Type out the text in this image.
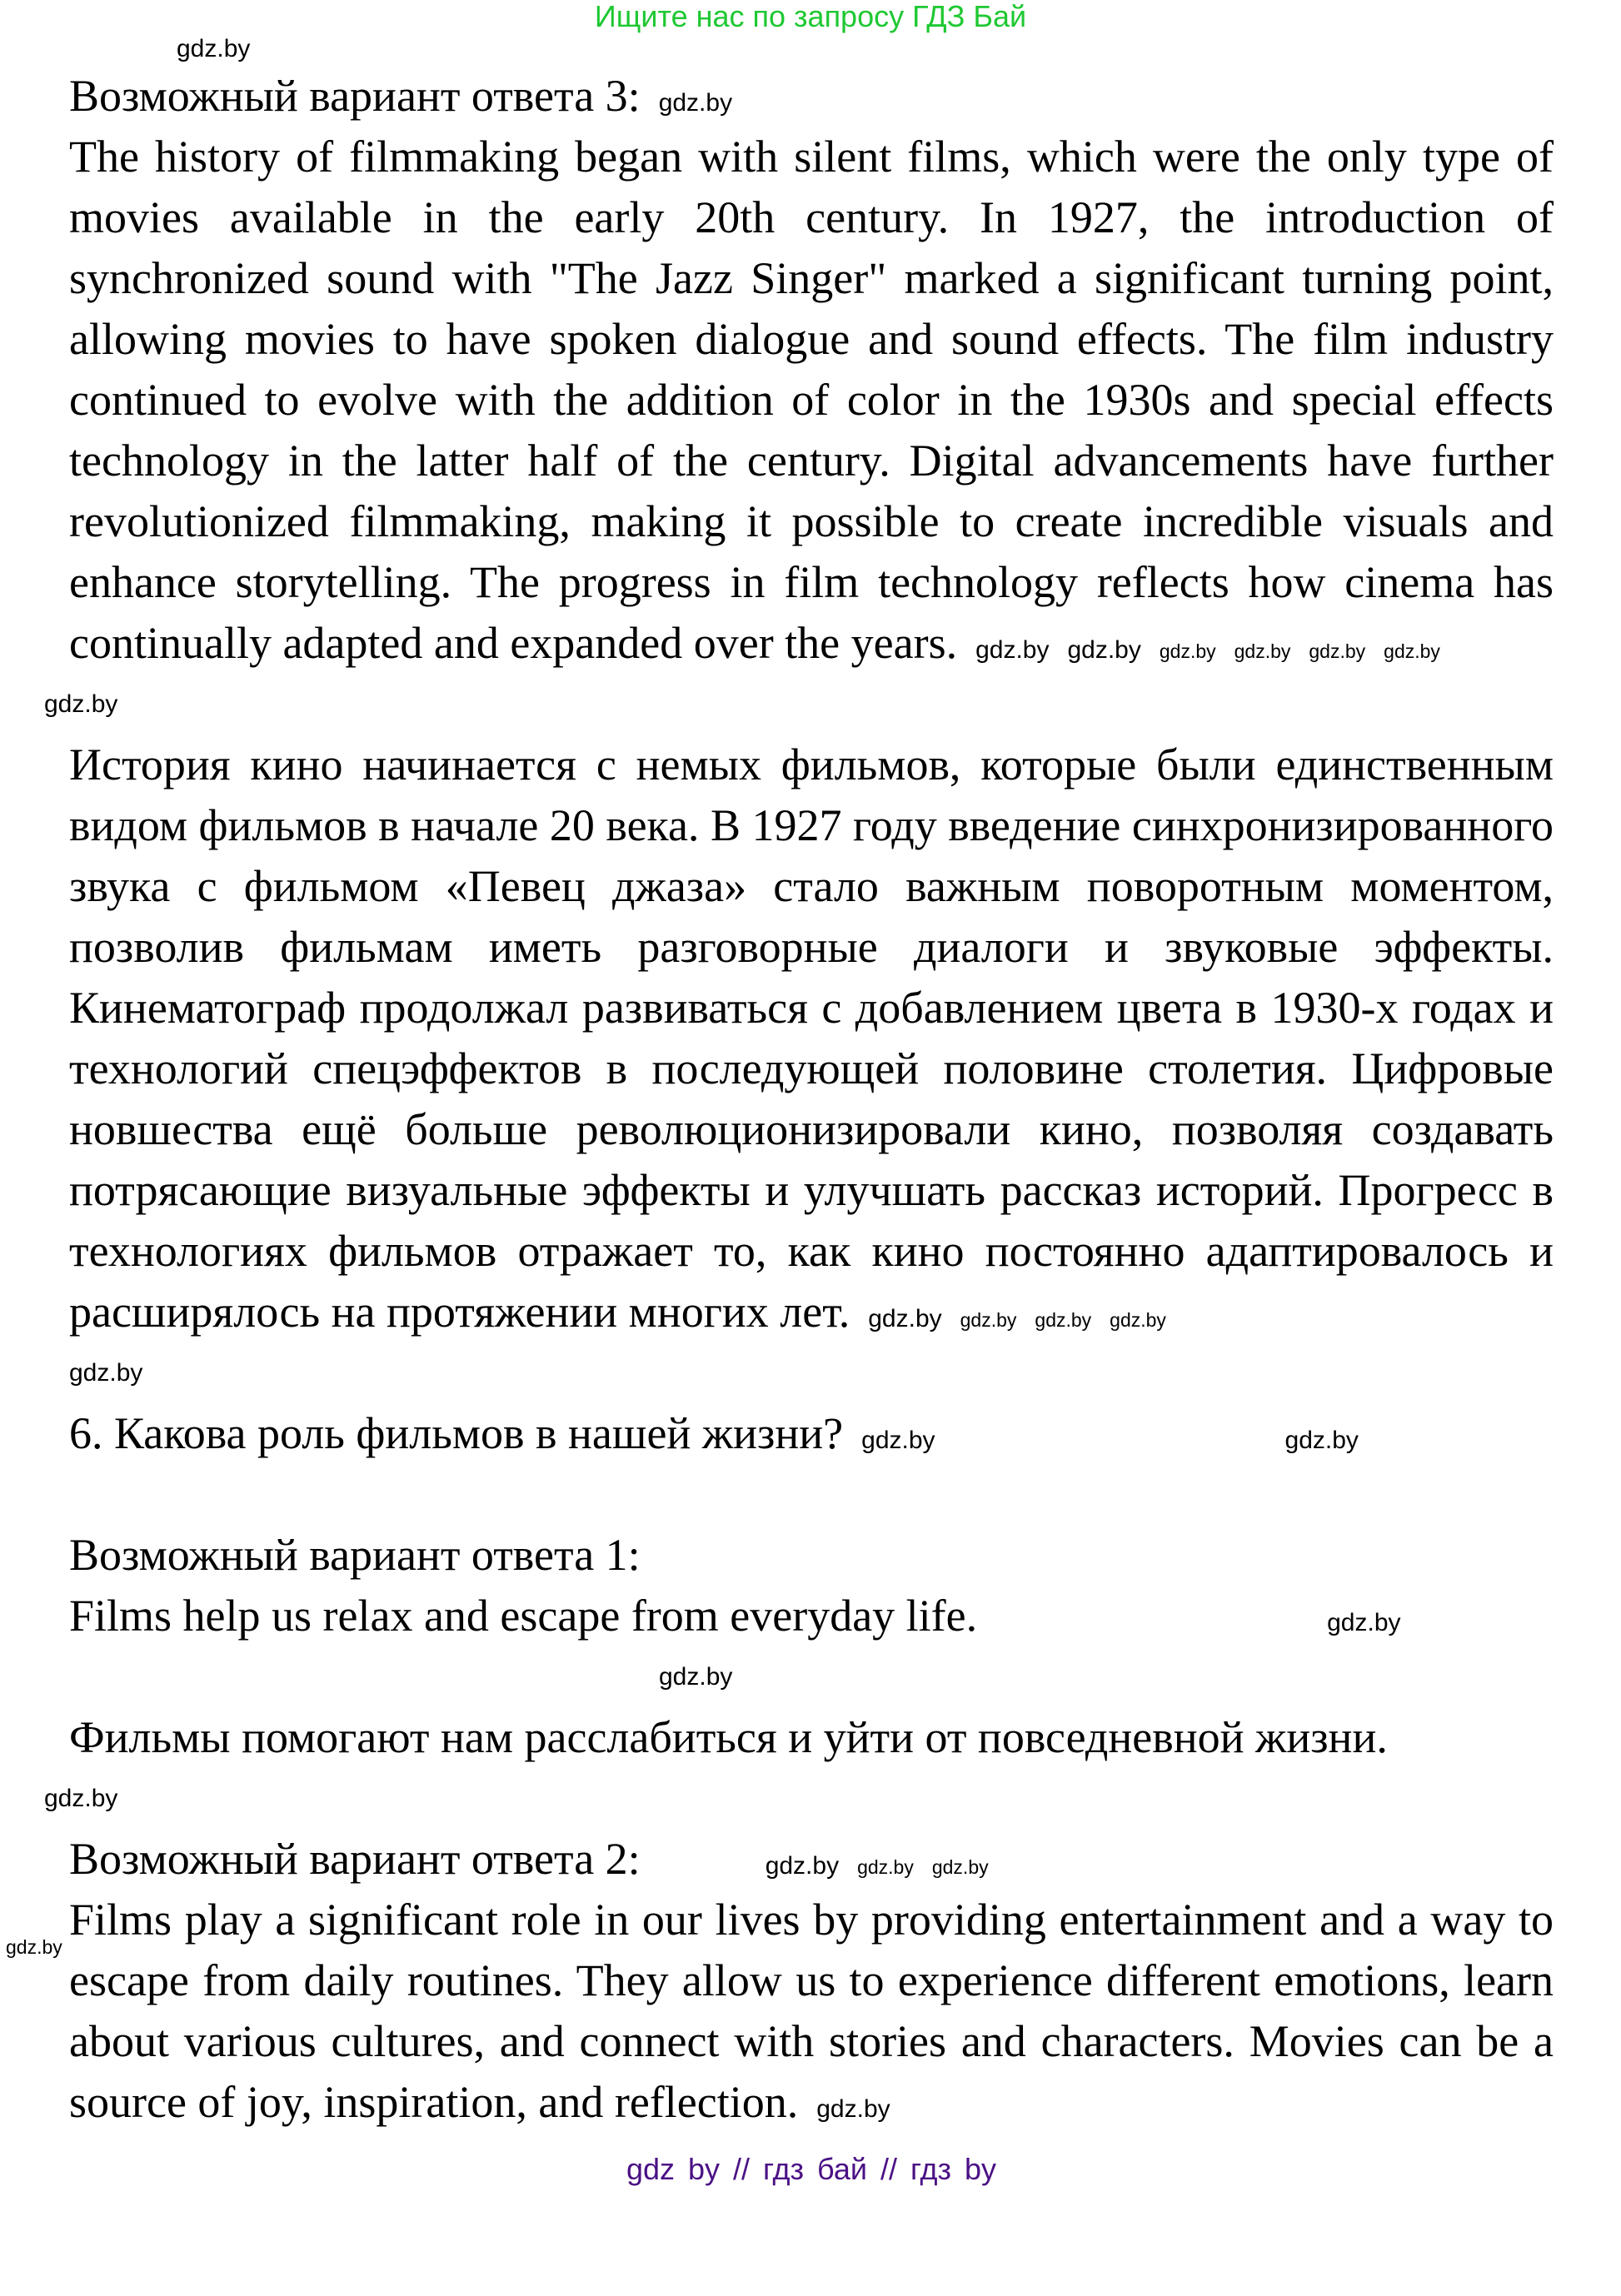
Ищите нас по запросу ГДЗ Бай
gdz.by

Возможный вариант ответа 3: gdz.by

The history of filmmaking began with silent films, which were the only type of movies available in the early 20th century. In 1927, the introduction of synchronized sound with "The Jazz Singer" marked a significant turning point, allowing movies to have spoken dialogue and sound effects. The film industry continued to evolve with the addition of color in the 1930s and special effects technology in the latter half of the century. Digital advancements have further revolutionized filmmaking, making it possible to create incredible visuals and enhance storytelling. The progress in film technology reflects how cinema has continually adapted and expanded over the years. gdz.by gdz.by gdz.by gdz.by gdz.by gdz.by

gdz.by

История кино начинается с немых фильмов, которые были единственным видом фильмов в начале 20 века. В 1927 году введение синхронизированного звука с фильмом «Певец джаза» стало важным поворотным моментом, позволив фильмам иметь разговорные диалоги и звуковые эффекты. Кинематограф продолжал развиваться с добавлением цвета в 1930-х годах и технологий спецэффектов в последующей половине столетия. Цифровые новшества ещё больше революционизировали кино, позволяя создавать потрясающие визуальные эффекты и улучшать рассказ историй. Прогресс в технологиях фильмов отражает то, как кино постоянно адаптировалось и расширялось на протяжении многих лет. gdz.by gdz.by gdz.by gdz.by

gdz.by

6. Какова роль фильмов в нашей жизни? gdz.by	gdz.by

Возможный вариант ответа 1:

Films help us relax and escape from everyday life.	gdz.by

gdz.by

Фильмы помогают нам расслабиться и уйти от повседневной жизни.

gdz.by

Возможный вариант ответа 2:	gdz.by gdz.by gdz.by

gdz.by
Films play a significant role in our lives by providing entertainment and a way to escape from daily routines. They allow us to experience different emotions, learn about various cultures, and connect with stories and characters. Movies can be a source of joy, inspiration, and reflection. gdz.by

gdz by // гдз бай // гдз by
